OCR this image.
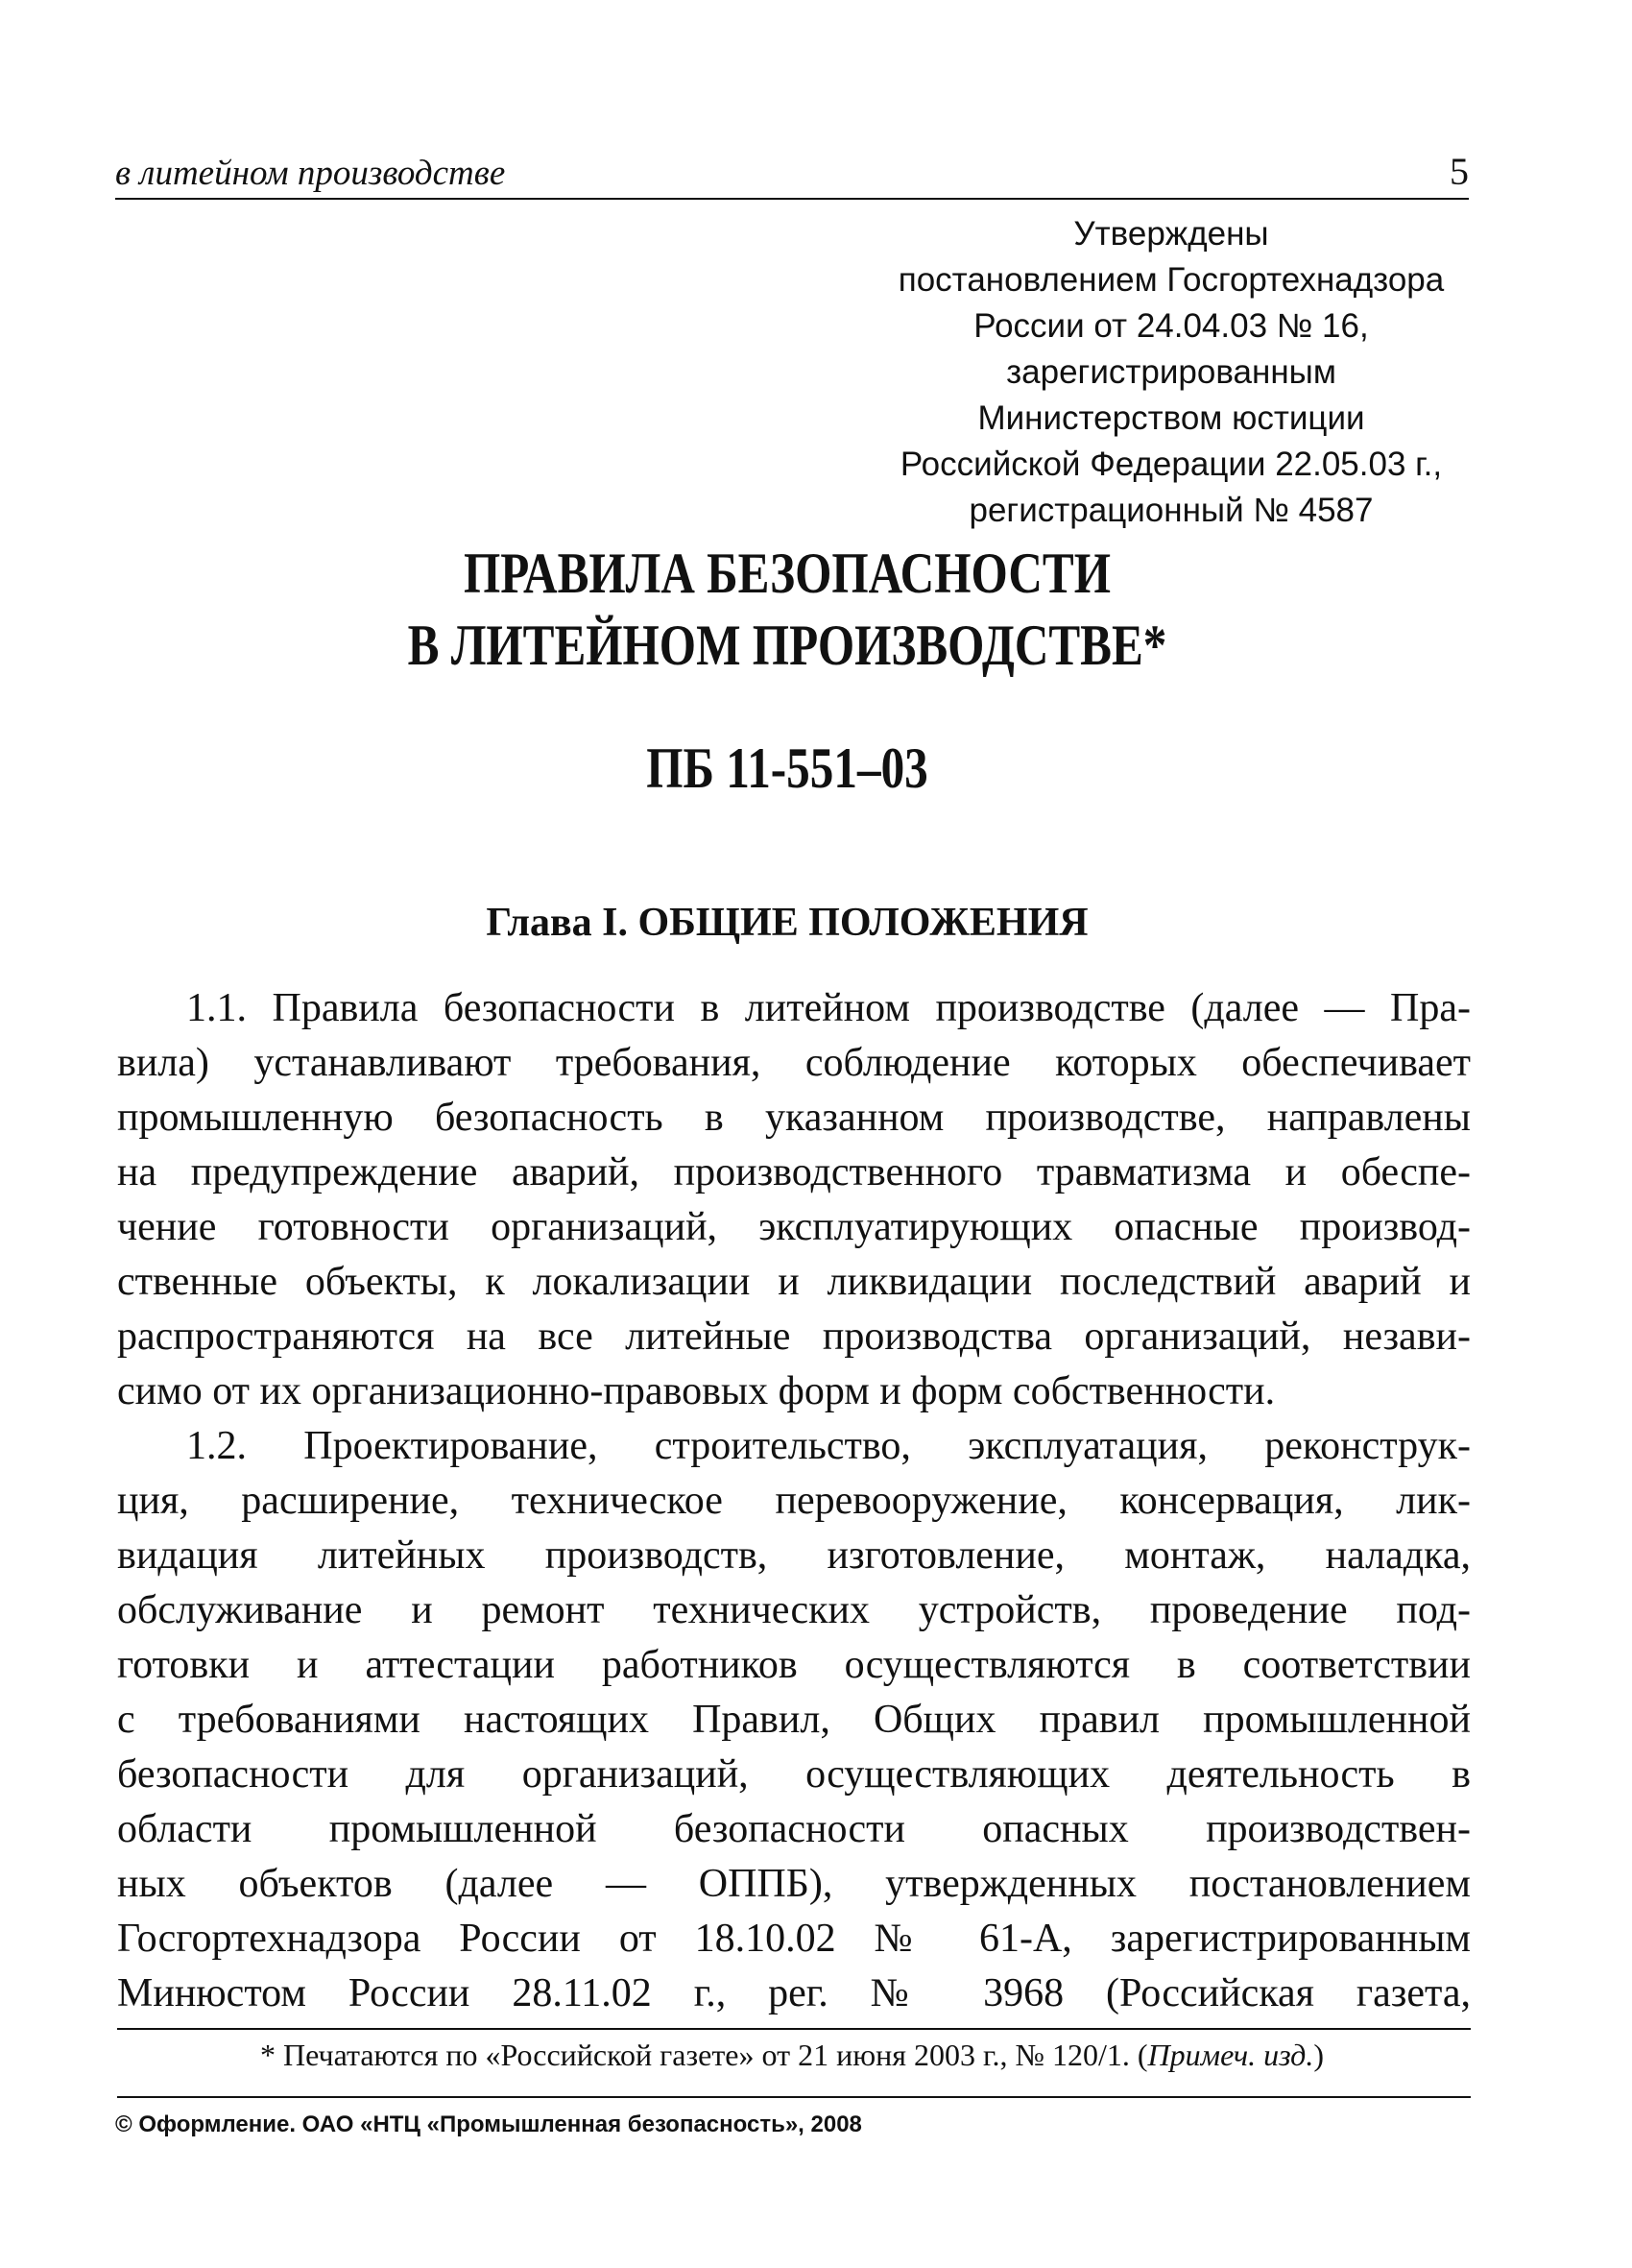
в литейном производстве	5
Утверждены
постановлением Госгортехнадзора
России от 24.04.03 № 16,
зарегистрированным
Министерством юстиции
Российской Федерации 22.05.03 г.,
регистрационный № 4587
ПРАВИЛА БЕЗОПАСНОСТИ
В ЛИТЕЙНОМ ПРОИЗВОДСТВЕ*
ПБ 11-551–03
Глава I. ОБЩИЕ ПОЛОЖЕНИЯ
1.1. Правила безопасности в литейном производстве (далее — Пра-
вила) устанавливают требования, соблюдение которых обеспечивает
промышленную безопасность в указанном производстве, направлены
на предупреждение аварий, производственного травматизма и обеспе-
чение готовности организаций, эксплуатирующих опасные производ-
ственные объекты, к локализации и ликвидации последствий аварий и
распространяются на все литейные производства организаций, незави-
симо от их организационно-правовых форм и форм собственности.
1.2. Проектирование, строительство, эксплуатация, реконструк-
ция, расширение, техническое перевооружение, консервация, лик-
видация литейных производств, изготовление, монтаж, наладка,
обслуживание и ремонт технических устройств, проведение под-
готовки и аттестации работников осуществляются в соответствии
с требованиями настоящих Правил, Общих правил промышленной
безопасности для организаций, осуществляющих деятельность в
области промышленной безопасности опасных производствен-
ных объектов (далее — ОППБ), утвержденных постановлением
Госгортехнадзора России от 18.10.02 № 61-А, зарегистрированным
Минюстом России 28.11.02 г., рег. № 3968 (Российская газета,
* Печатаются по «Российской газете» от 21 июня 2003 г., № 120/1. (Примеч. изд.)
© Оформление. ОАО «НТЦ «Промышленная безопасность», 2008
